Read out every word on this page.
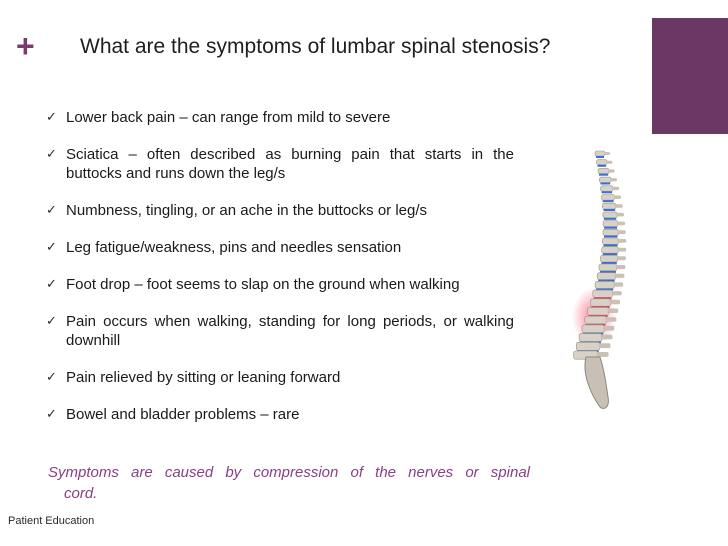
+ What are the symptoms of lumbar spinal stenosis?
✓ Lower back pain – can range from mild to severe
✓ Sciatica – often described as burning pain that starts in the
buttocks and runs down the leg/s
✓ Numbness, tingling, or an ache in the buttocks or leg/s
✓ Leg fatigue/weakness, pins and needles sensation
✓ Foot drop – foot seems to slap on the ground when walking
✓ Pain occurs when walking, standing for long periods, or walking
downhill
✓ Pain relieved by sitting or leaning forward
✓ Bowel and bladder problems – rare
Symptoms are caused by compression of the nerves or spinal
cord.
Patient Education
